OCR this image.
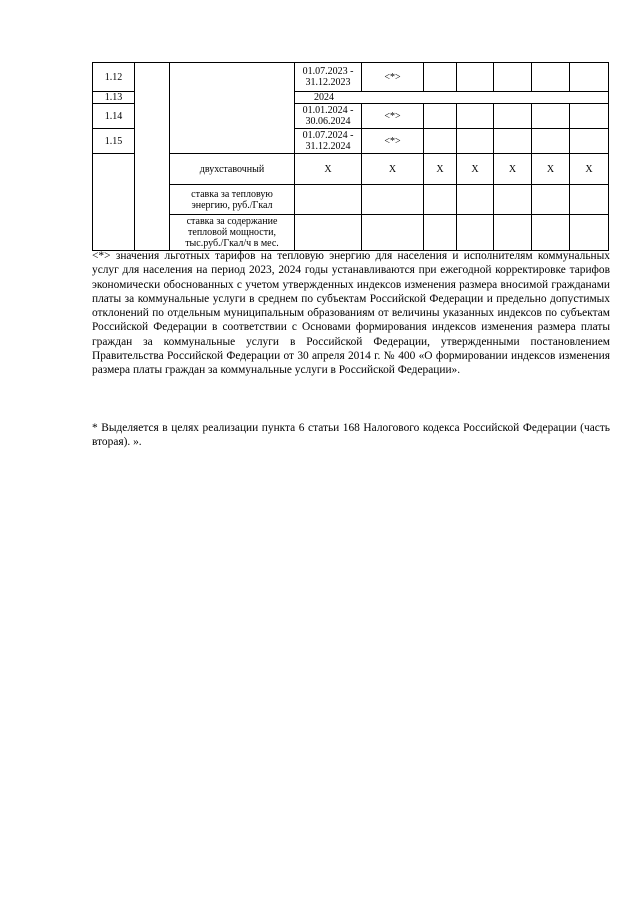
1.12			01.07.2023 - 31.12.2023	<*>					
1.13			2024						
1.14			01.01.2024 - 30.06.2024	<*>					
1.15			01.07.2024 - 31.12.2024	<*>					
		двухставочный	X	X	X	X	X	X	X
		ставка за тепловую энергию, руб./Гкал							
		ставка за содержание тепловой мощности, тыс.руб./Гкал/ч в мес.							
<*> значения льготных тарифов на тепловую энергию для населения и исполнителям коммунальных услуг для населения на период 2023, 2024 годы устанавливаются при ежегодной корректировке тарифов экономически обоснованных с учетом утвержденных индексов изменения размера вносимой гражданами платы за коммунальные услуги в среднем по субъектам Российской Федерации и предельно допустимых отклонений по отдельным муниципальным образованиям от величины указанных индексов по субъектам Российской Федерации в соответствии с Основами формирования индексов изменения размера платы граждан за коммунальные услуги в Российской Федерации, утвержденными постановлением Правительства Российской Федерации от 30 апреля 2014 г. № 400 «О формировании индексов изменения размера платы граждан за коммунальные услуги в Российской Федерации».
* Выделяется в целях реализации пункта 6 статьи 168 Налогового кодекса Российской Федерации (часть вторая). ».
